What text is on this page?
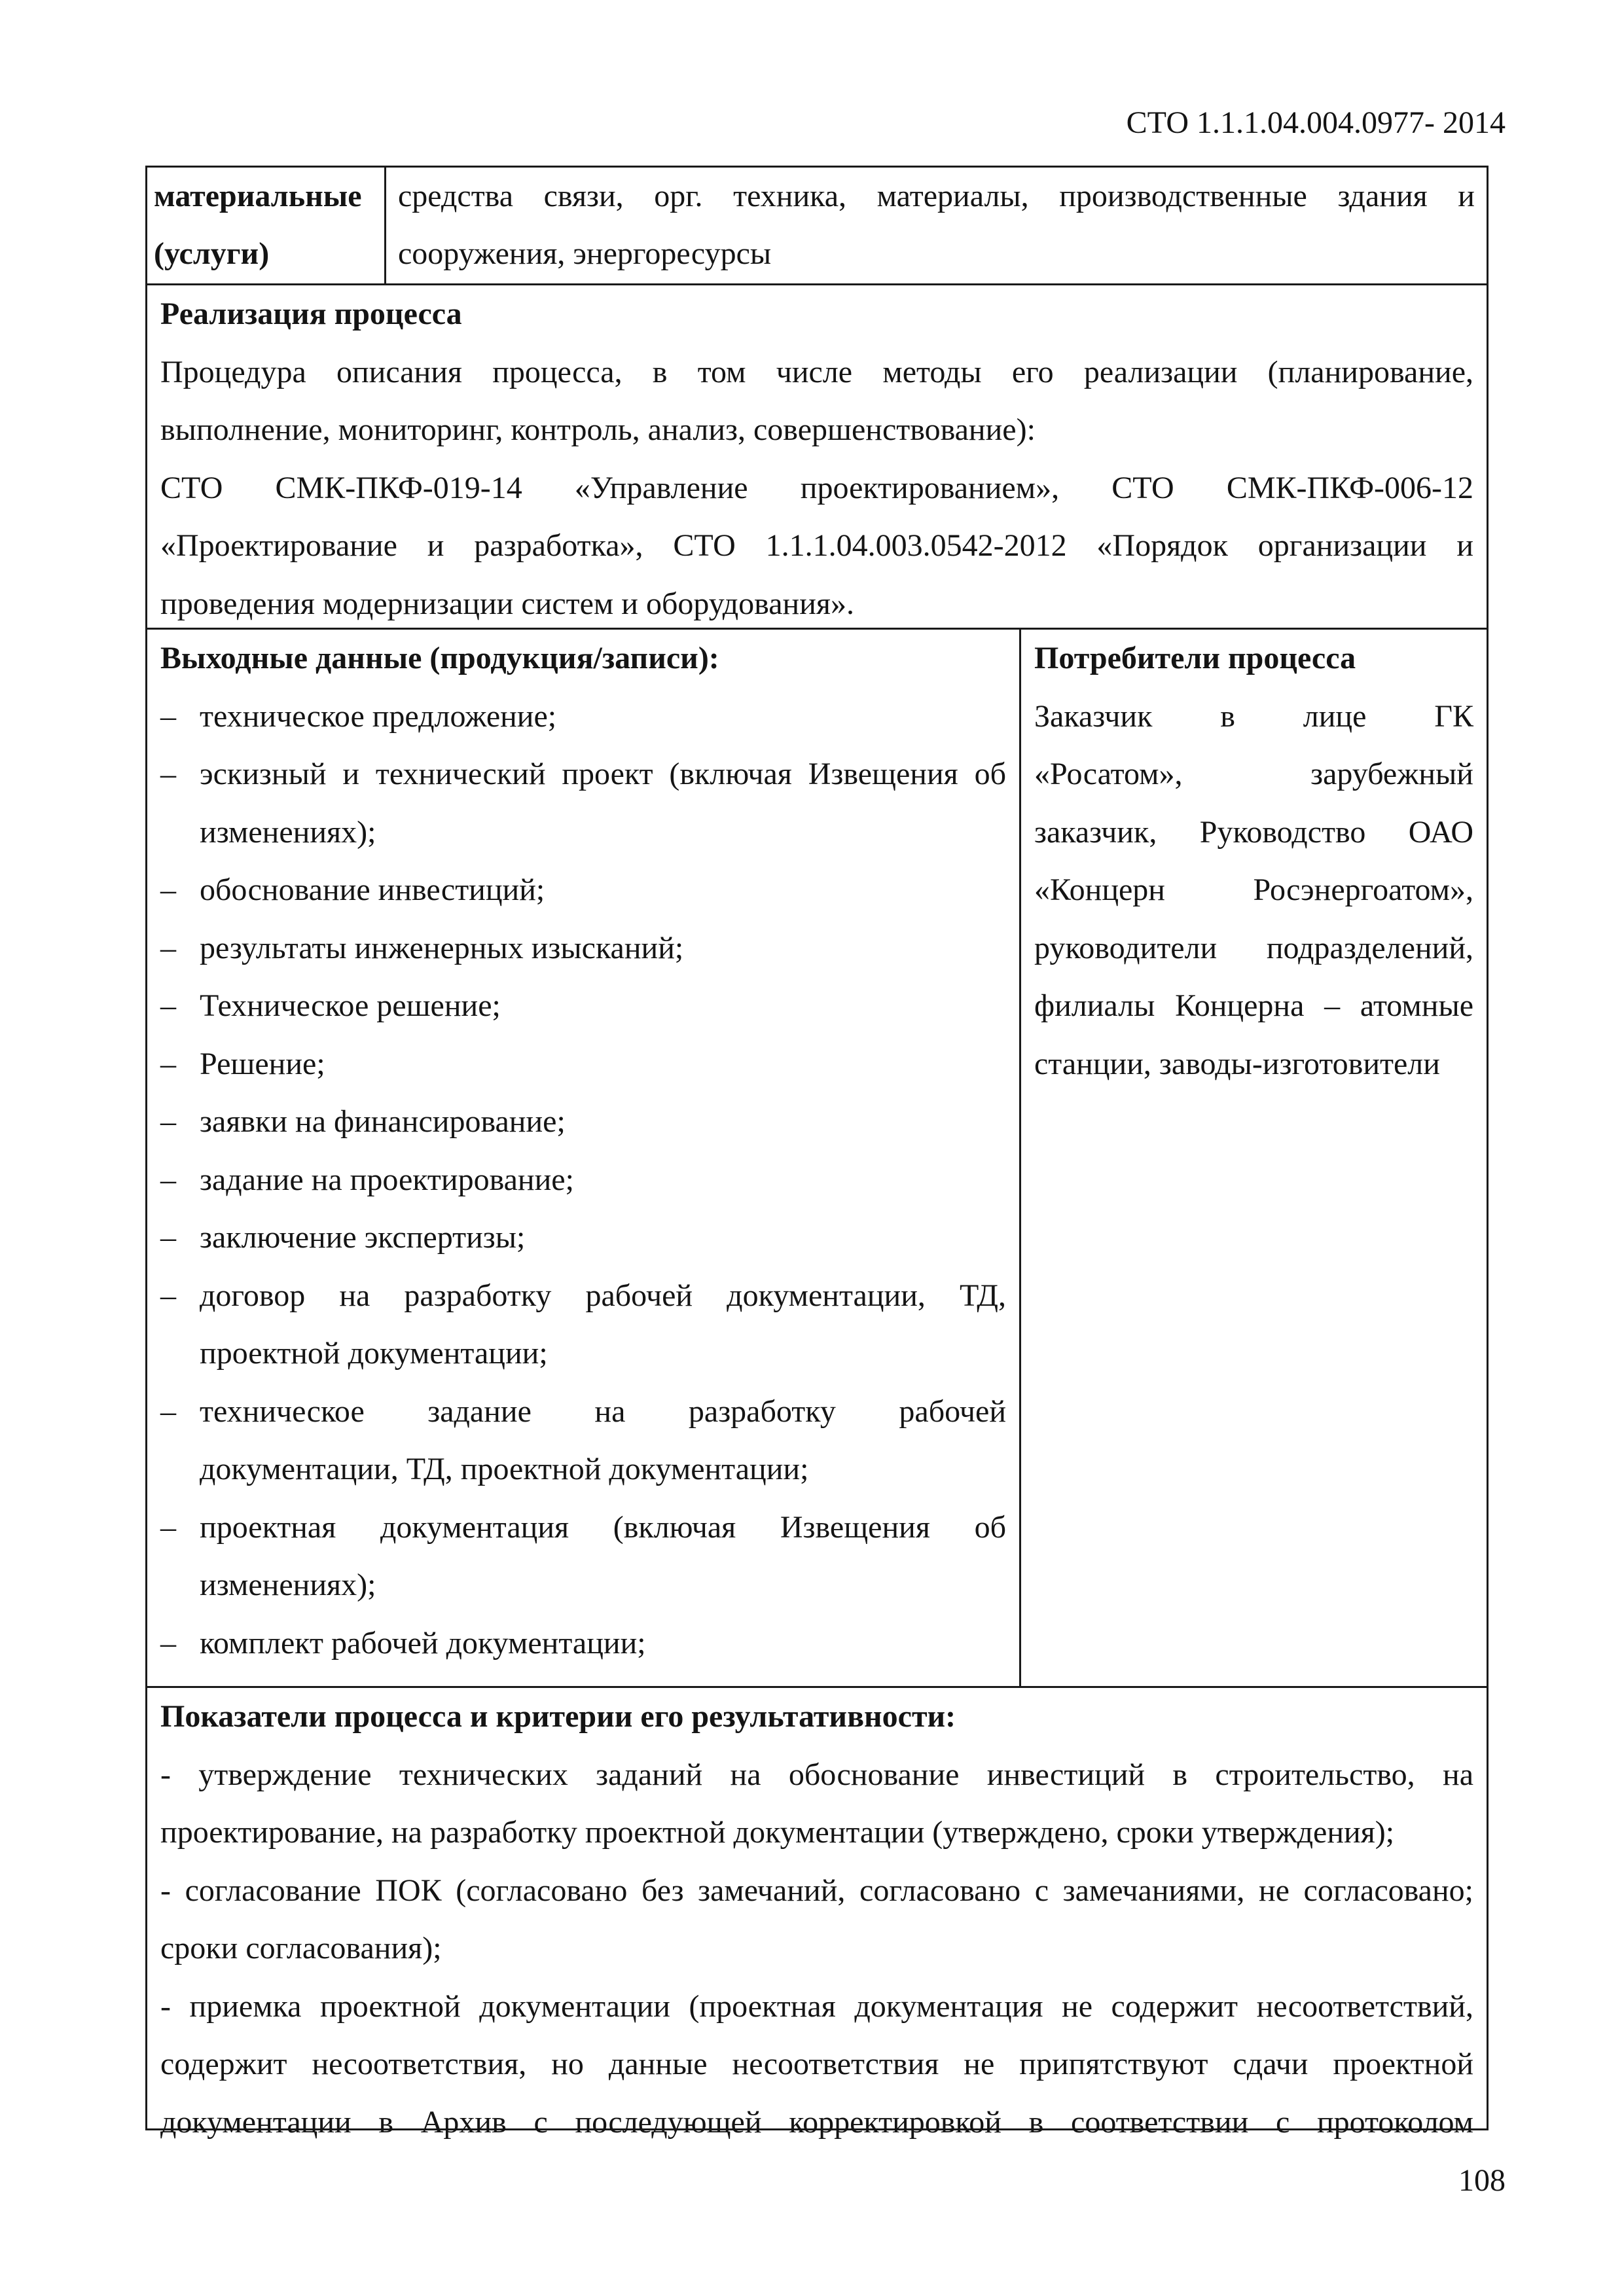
СТО 1.1.1.04.004.0977- 2014

материальные

(услуги)

средства связи, орг. техника, материалы, производственные здания и

сооружения, энергоресурсы

Реализация процесса

Процедура описания процесса, в том числе методы его реализации (планирование,

выполнение, мониторинг, контроль, анализ, совершенствование):

СТО СМК-ПКФ-019-14 «Управление проектированием», СТО СМК-ПКФ-006-12

«Проектирование и разработка», СТО 1.1.1.04.003.0542-2012 «Порядок организации и

проведения модернизации систем и оборудования».

Выходные данные (продукция/записи):

– техническое предложение;

– эскизный и технический проект (включая Извещения об

изменениях);

– обоснование инвестиций;

– результаты инженерных изысканий;

– Техническое решение;

– Решение;

– заявки на финансирование;

– задание на проектирование;

– заключение экспертизы;

– договор на разработку рабочей документации, ТД,

проектной документации;

– техническое задание на разработку рабочей

документации, ТД, проектной документации;

– проектная документация (включая Извещения об

изменениях);

– комплект рабочей документации;

Потребители процесса

Заказчик в лице ГК

«Росатом», зарубежный

заказчик, Руководство ОАО

«Концерн Росэнергоатом»,

руководители подразделений,

филиалы Концерна – атомные

станции, заводы-изготовители

Показатели процесса и критерии его результативности:

- утверждение технических заданий на обоснование инвестиций в строительство, на

проектирование, на разработку проектной документации (утверждено, сроки утверждения);

- согласование ПОК (согласовано без замечаний, согласовано с замечаниями, не согласовано;

сроки согласования);

- приемка проектной документации (проектная документация не содержит несоответствий,

содержит несоответствия, но данные несоответствия не припятствуют сдачи проектной

документации в Архив с последующей корректировкой в соответствии с протоколом

108
